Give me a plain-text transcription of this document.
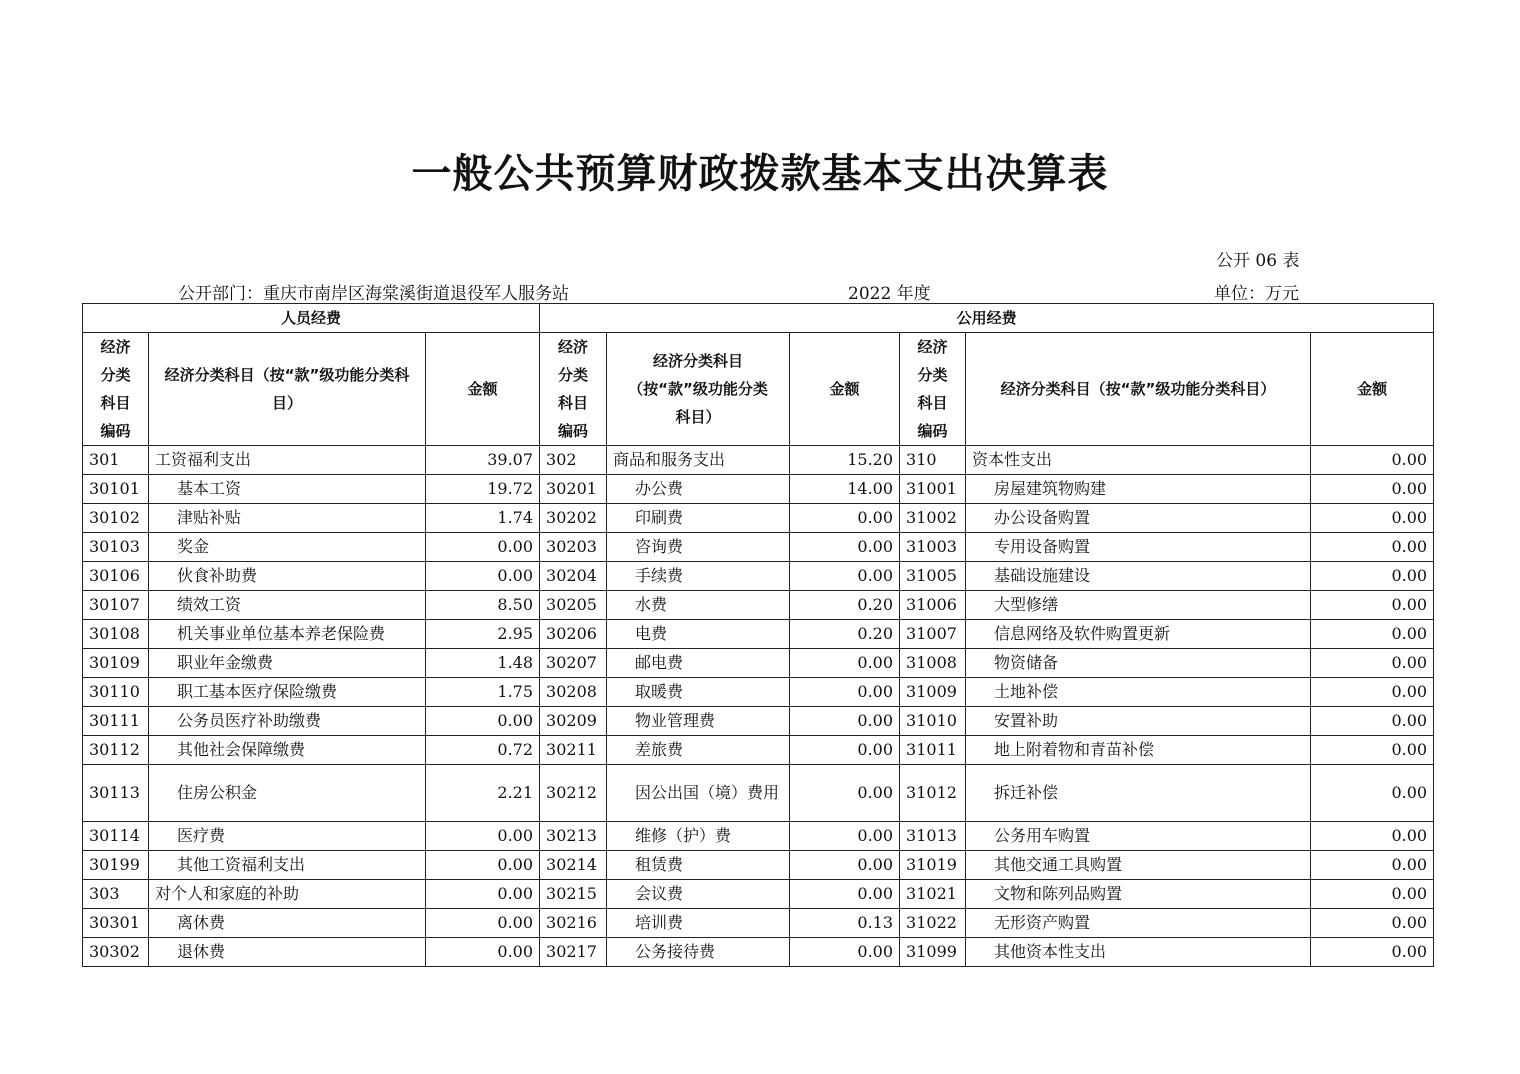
一般公共预算财政拨款基本支出决算表
公开 06 表
公开部门：重庆市南岸区海棠溪街道退役军人服务站	2022 年度	单位：万元
人员经费			公用经费					
经济
分类
科目
编码	经济分类科目（按“款”级功能分类科目）	金额	经济
分类
科目
编码	经济分类科目（按“款”级功能分类科目）	金额	经济
分类
科目
编码	经济分类科目（按“款”级功能分类科目）	金额
301	工资福利支出	39.07	302	商品和服务支出	15.20	310	资本性支出	0.00
30101	基本工资	19.72	30201	办公费	14.00	31001	房屋建筑物购建	0.00
30102	津贴补贴	1.74	30202	印刷费	0.00	31002	办公设备购置	0.00
30103	奖金	0.00	30203	咨询费	0.00	31003	专用设备购置	0.00
30106	伙食补助费	0.00	30204	手续费	0.00	31005	基础设施建设	0.00
30107	绩效工资	8.50	30205	水费	0.20	31006	大型修缮	0.00
30108	机关事业单位基本养老保险费	2.95	30206	电费	0.20	31007	信息网络及软件购置更新	0.00
30109	职业年金缴费	1.48	30207	邮电费	0.00	31008	物资储备	0.00
30110	职工基本医疗保险缴费	1.75	30208	取暖费	0.00	31009	土地补偿	0.00
30111	公务员医疗补助缴费	0.00	30209	物业管理费	0.00	31010	安置补助	0.00
30112	其他社会保障缴费	0.72	30211	差旅费	0.00	31011	地上附着物和青苗补偿	0.00
30113	住房公积金	2.21	30212	因公出国（境）费用	0.00	31012	拆迁补偿	0.00
30114	医疗费	0.00	30213	维修（护）费	0.00	31013	公务用车购置	0.00
30199	其他工资福利支出	0.00	30214	租赁费	0.00	31019	其他交通工具购置	0.00
303	对个人和家庭的补助	0.00	30215	会议费	0.00	31021	文物和陈列品购置	0.00
30301	离休费	0.00	30216	培训费	0.13	31022	无形资产购置	0.00
30302	退休费	0.00	30217	公务接待费	0.00	31099	其他资本性支出	0.00
